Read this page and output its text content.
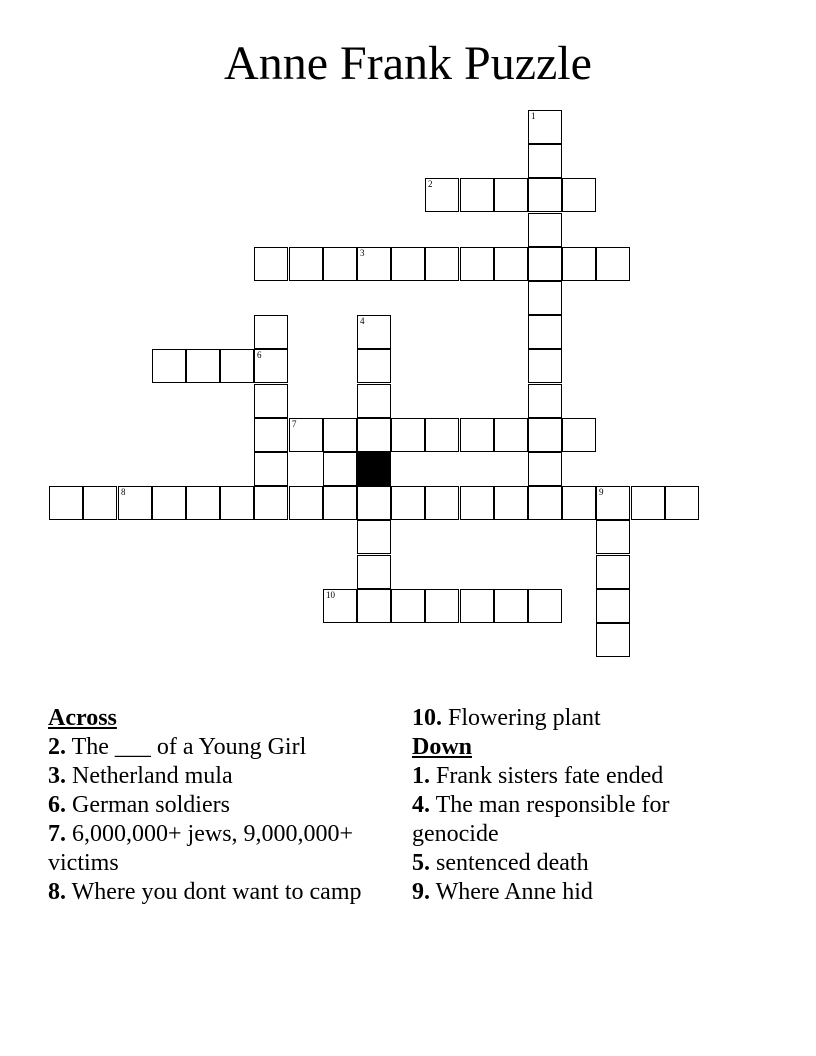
Anne Frank Puzzle
1
2
3
6
4
7
8	9
10
Across
2. The ___ of a Young Girl
3. Netherland mula
6. German soldiers
7. 6,000,000+ jews, 9,000,000+ victims
8. Where you dont want to camp
10. Flowering plant
Down
1. Frank sisters fate ended
4. The man responsible for genocide
5. sentenced death
9. Where Anne hid
